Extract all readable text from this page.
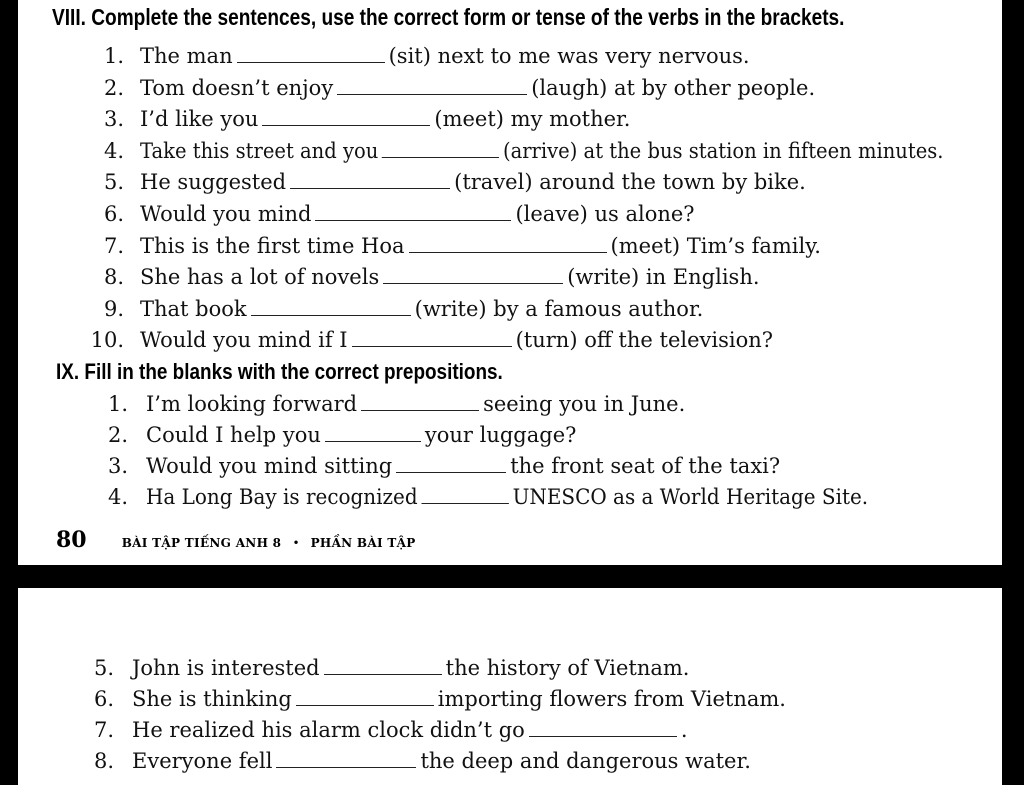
VIII. Complete the sentences, use the correct form or tense of the verbs in the brackets.
1. The man	(sit) next to me was very nervous.
2. Tom doesn’t enjoy	(laugh) at by other people.
3. I’d like you	(meet) my mother.
4. Take this street and you	(arrive) at the bus station in fifteen minutes.
5. He suggested	(travel) around the town by bike.
6. Would you mind	(leave) us alone?
7. This is the first time Hoa	(meet) Tim’s family.
8. She has a lot of novels	(write) in English.
9. That book	(write) by a famous author.
10. Would you mind if I	(turn) off the television?
IX. Fill in the blanks with the correct prepositions.
1. I’m looking forward	seeing you in June.
2. Could I help you	your luggage?
3. Would you mind sitting	the front seat of the taxi?
4. Ha Long Bay is recognized	UNESCO as a World Heritage Site.
80	BÀI TẬP TIẾNG ANH 8 • PHẦN BÀI TẬP
5. John is interested	the history of Vietnam.
6. She is thinking	importing flowers from Vietnam.
7. He realized his alarm clock didn’t go	.
8. Everyone fell	the deep and dangerous water.
